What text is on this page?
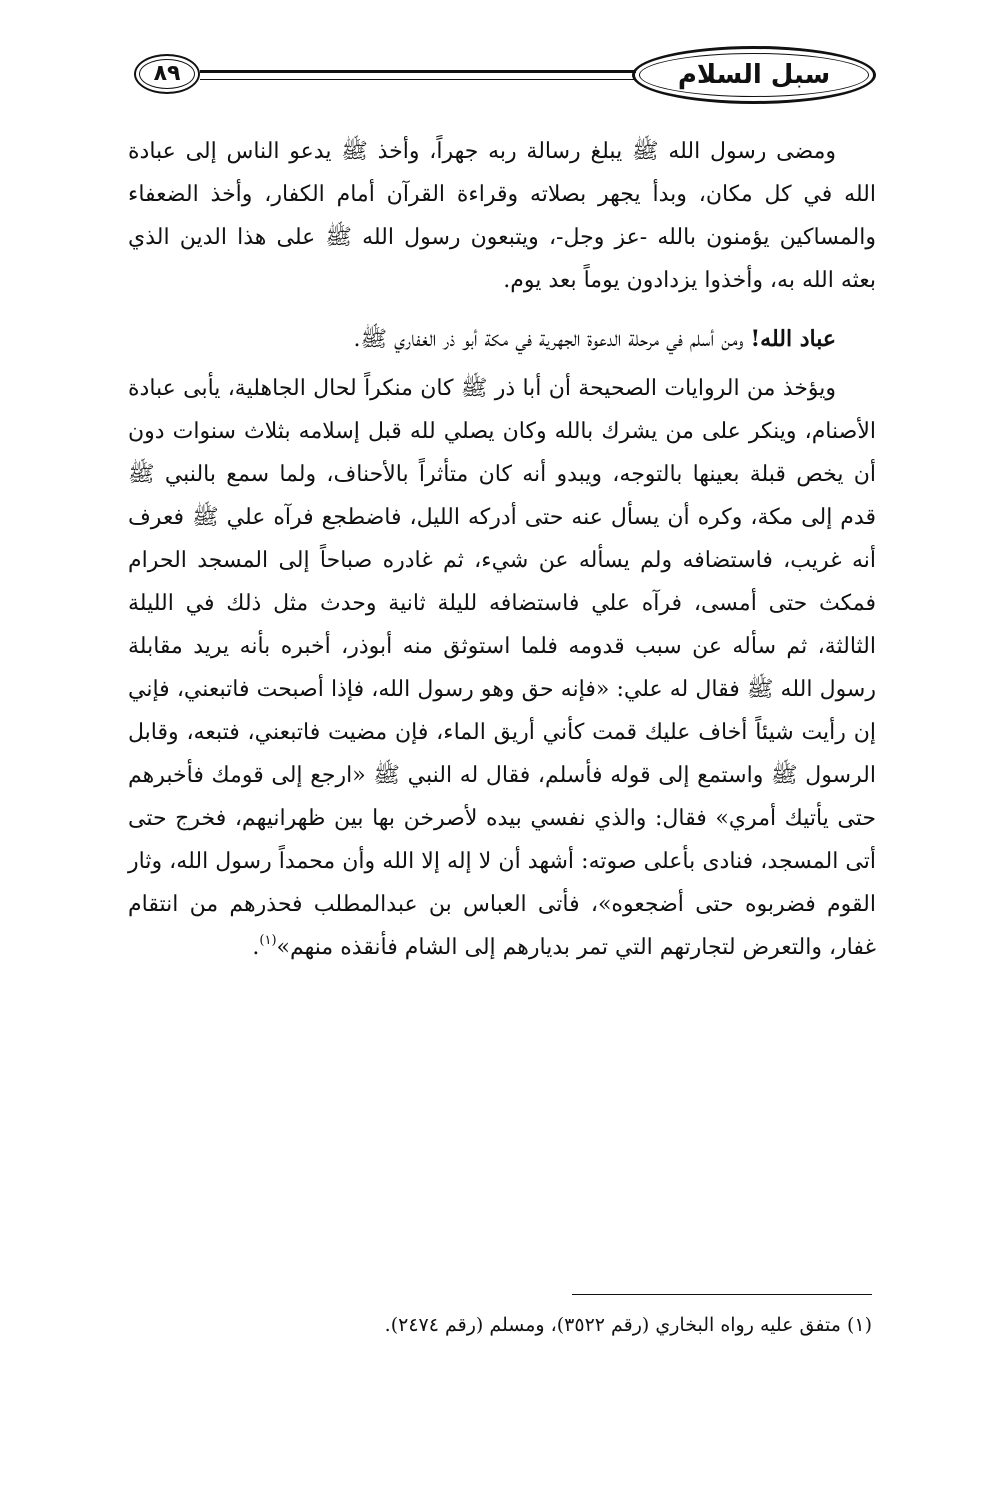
٨٩	سبل السلام

ومضى رسول الله ﷺ يبلغ رسالة ربه جهراً، وأخذ ﷺ يدعو الناس إلى عبادة الله في كل مكان، وبدأ يجهر بصلاته وقراءة القرآن أمام الكفار، وأخذ الضعفاء والمساكين يؤمنون بالله -عز وجل-، ويتبعون رسول الله ﷺ على هذا الدين الذي بعثه الله به، وأخذوا يزدادون يوماً بعد يوم.

عباد الله! ومن أسلم في مرحلة الدعوة الجهرية في مكة أبو ذر الغفاري ﷺ.

ويؤخذ من الروايات الصحيحة أن أبا ذر ﷺ كان منكراً لحال الجاهلية، يأبى عبادة الأصنام، وينكر على من يشرك بالله وكان يصلي لله قبل إسلامه بثلاث سنوات دون أن يخص قبلة بعينها بالتوجه، ويبدو أنه كان متأثراً بالأحناف، ولما سمع بالنبي ﷺ قدم إلى مكة، وكره أن يسأل عنه حتى أدركه الليل، فاضطجع فرآه علي ﷺ فعرف أنه غريب، فاستضافه ولم يسأله عن شيء، ثم غادره صباحاً إلى المسجد الحرام فمكث حتى أمسى، فرآه علي فاستضافه لليلة ثانية وحدث مثل ذلك في الليلة الثالثة، ثم سأله عن سبب قدومه فلما استوثق منه أبوذر، أخبره بأنه يريد مقابلة رسول الله ﷺ فقال له علي: «فإنه حق وهو رسول الله، فإذا أصبحت فاتبعني، فإني إن رأيت شيئاً أخاف عليك قمت كأني أريق الماء، فإن مضيت فاتبعني، فتبعه، وقابل الرسول ﷺ واستمع إلى قوله فأسلم، فقال له النبي ﷺ «ارجع إلى قومك فأخبرهم حتى يأتيك أمري» فقال: والذي نفسي بيده لأصرخن بها بين ظهرانيهم، فخرج حتى أتى المسجد، فنادى بأعلى صوته: أشهد أن لا إله إلا الله وأن محمداً رسول الله، وثار القوم فضربوه حتى أضجعوه»، فأتى العباس بن عبدالمطلب فحذرهم من انتقام غفار، والتعرض لتجارتهم التي تمر بديارهم إلى الشام فأنقذه منهم»$^{(١)}$.

(١) متفق عليه رواه البخاري (رقم ٣٥٢٢)، ومسلم (رقم ٢٤٧٤).
